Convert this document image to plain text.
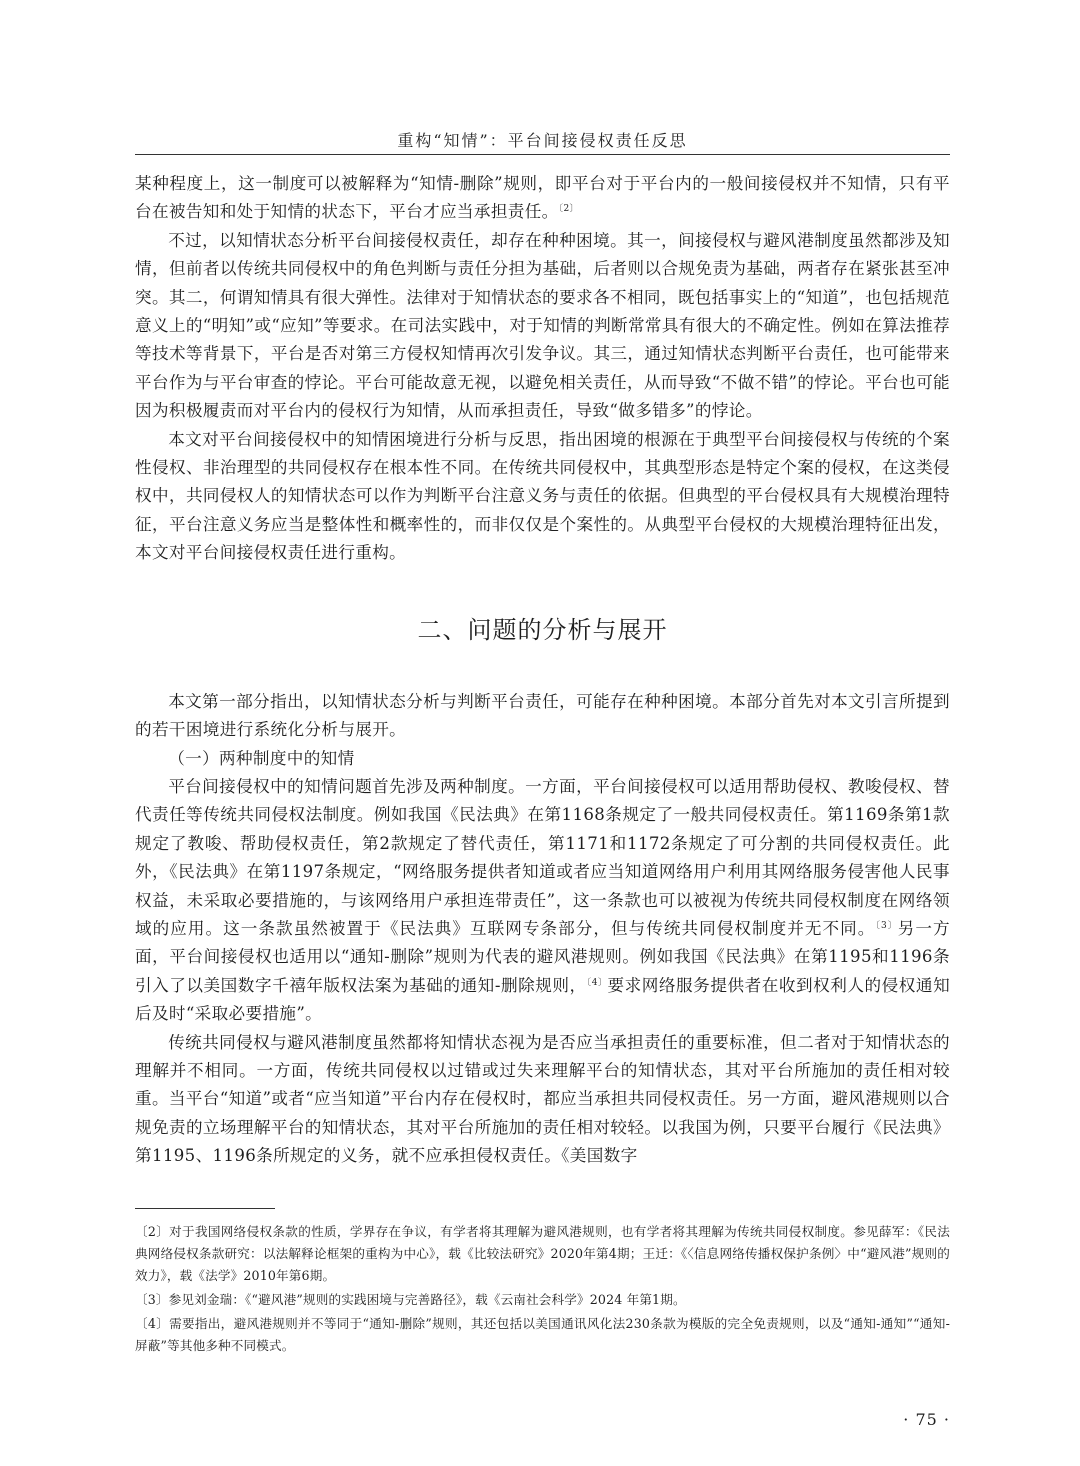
重构“知情”：平台间接侵权责任反思

某种程度上，这一制度可以被解释为“知情-删除”规则，即平台对于平台内的一般间接侵权并不知情，只有平台在被告知和处于知情的状态下，平台才应当承担责任。$^{〔2〕}$

不过，以知情状态分析平台间接侵权责任，却存在种种困境。其一，间接侵权与避风港制度虽然都涉及知情，但前者以传统共同侵权中的角色判断与责任分担为基础，后者则以合规免责为基础，两者存在紧张甚至冲突。其二，何谓知情具有很大弹性。法律对于知情状态的要求各不相同，既包括事实上的“知道”，也包括规范意义上的“明知”或“应知”等要求。在司法实践中，对于知情的判断常常具有很大的不确定性。例如在算法推荐等技术等背景下，平台是否对第三方侵权知情再次引发争议。其三，通过知情状态判断平台责任，也可能带来平台作为与平台审查的悖论。平台可能故意无视，以避免相关责任，从而导致“不做不错”的悖论。平台也可能因为积极履责而对平台内的侵权行为知情，从而承担责任，导致“做多错多”的悖论。

本文对平台间接侵权中的知情困境进行分析与反思，指出困境的根源在于典型平台间接侵权与传统的个案性侵权、非治理型的共同侵权存在根本性不同。在传统共同侵权中，其典型形态是特定个案的侵权，在这类侵权中，共同侵权人的知情状态可以作为判断平台注意义务与责任的依据。但典型的平台侵权具有大规模治理特征，平台注意义务应当是整体性和概率性的，而非仅仅是个案性的。从典型平台侵权的大规模治理特征出发，本文对平台间接侵权责任进行重构。

二、问题的分析与展开

本文第一部分指出，以知情状态分析与判断平台责任，可能存在种种困境。本部分首先对本文引言所提到的若干困境进行系统化分析与展开。

（一）两种制度中的知情

平台间接侵权中的知情问题首先涉及两种制度。一方面，平台间接侵权可以适用帮助侵权、教唆侵权、替代责任等传统共同侵权法制度。例如我国《民法典》在第1168条规定了一般共同侵权责任。第1169条第1款规定了教唆、帮助侵权责任，第2款规定了替代责任，第1171和1172条规定了可分割的共同侵权责任。此外，《民法典》在第1197条规定，“网络服务提供者知道或者应当知道网络用户利用其网络服务侵害他人民事权益，未采取必要措施的，与该网络用户承担连带责任”，这一条款也可以被视为传统共同侵权制度在网络领域的应用。这一条款虽然被置于《民法典》互联网专条部分，但与传统共同侵权制度并无不同。$^{〔3〕}$另一方面，平台间接侵权也适用以“通知-删除”规则为代表的避风港规则。例如我国《民法典》在第1195和1196条引入了以美国数字千禧年版权法案为基础的通知-删除规则，$^{〔4〕}$要求网络服务提供者在收到权利人的侵权通知后及时“采取必要措施”。

传统共同侵权与避风港制度虽然都将知情状态视为是否应当承担责任的重要标准，但二者对于知情状态的理解并不相同。一方面，传统共同侵权以过错或过失来理解平台的知情状态，其对平台所施加的责任相对较重。当平台“知道”或者“应当知道”平台内存在侵权时，都应当承担共同侵权责任。另一方面，避风港规则以合规免责的立场理解平台的知情状态，其对平台所施加的责任相对较轻。以我国为例，只要平台履行《民法典》第1195、1196条所规定的义务，就不应承担侵权责任。《美国数字

〔2〕对于我国网络侵权条款的性质，学界存在争议，有学者将其理解为避风港规则，也有学者将其理解为传统共同侵权制度。参见薛军：《民法典网络侵权条款研究：以法解释论框架的重构为中心》，载《比较法研究》2020年第4期；王迁：《〈信息网络传播权保护条例〉中“避风港”规则的效力》，载《法学》2010年第6期。

〔3〕参见刘金瑞：《“避风港”规则的实践困境与完善路径》，载《云南社会科学》2024 年第1期。

〔4〕需要指出，避风港规则并不等同于“通知-删除”规则，其还包括以美国通讯风化法230条款为模版的完全免责规则，以及“通知-通知”“通知-屏蔽”等其他多种不同模式。

· 75 ·
